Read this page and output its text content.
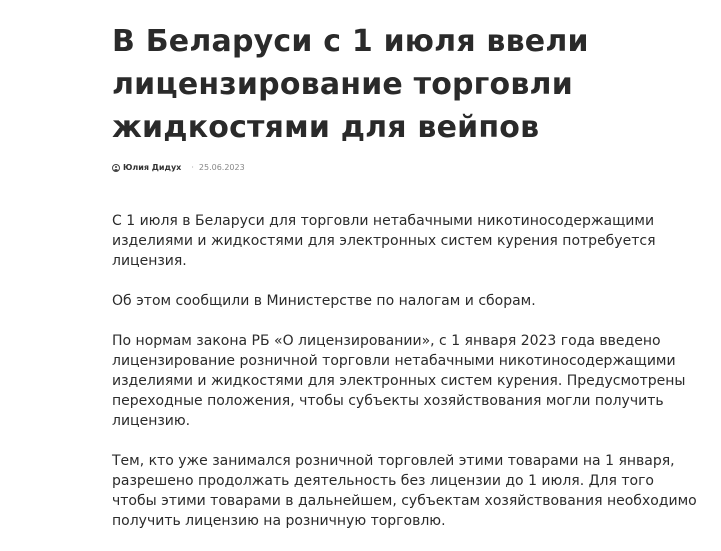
В Беларуси с 1 июля ввели лицензирование торговли жидкостями для вейпов
Юлия Дидух · 25.06.2023

С 1 июля в Беларуси для торговли нетабачными никотиносодержащими изделиями и жидкостями для электронных систем курения потребуется лицензия.

Об этом сообщили в Министерстве по налогам и сборам.

По нормам закона РБ «О лицензировании», с 1 января 2023 года введено лицензирование розничной торговли нетабачными никотиносодержащими изделиями и жидкостями для электронных систем курения. Предусмотрены переходные положения, чтобы субъекты хозяйствования могли получить лицензию.

Тем, кто уже занимался розничной торговлей этими товарами на 1 января, разрешено продолжать деятельность без лицензии до 1 июля. Для того чтобы этими товарами в дальнейшем, субъектам хозяйствования необходимо получить лицензию на розничную торговлю.
